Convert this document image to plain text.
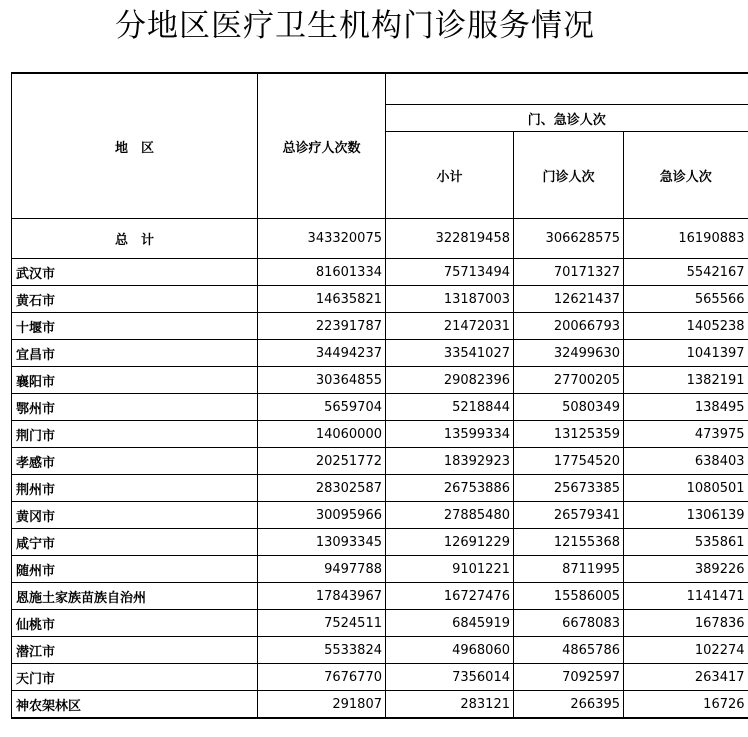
分地区医疗卫生机构门诊服务情况
地　区	总诊疗人次数			
		门、急诊人次		
		小计	门诊人次	急诊人次
总　计	343320075	322819458	306628575	16190883
武汉市	81601334	75713494	70171327	5542167
黄石市	14635821	13187003	12621437	565566
十堰市	22391787	21472031	20066793	1405238
宜昌市	34494237	33541027	32499630	1041397
襄阳市	30364855	29082396	27700205	1382191
鄂州市	5659704	5218844	5080349	138495
荆门市	14060000	13599334	13125359	473975
孝感市	20251772	18392923	17754520	638403
荆州市	28302587	26753886	25673385	1080501
黄冈市	30095966	27885480	26579341	1306139
咸宁市	13093345	12691229	12155368	535861
随州市	9497788	9101221	8711995	389226
恩施土家族苗族自治州	17843967	16727476	15586005	1141471
仙桃市	7524511	6845919	6678083	167836
潜江市	5533824	4968060	4865786	102274
天门市	7676770	7356014	7092597	263417
神农架林区	291807	283121	266395	16726
